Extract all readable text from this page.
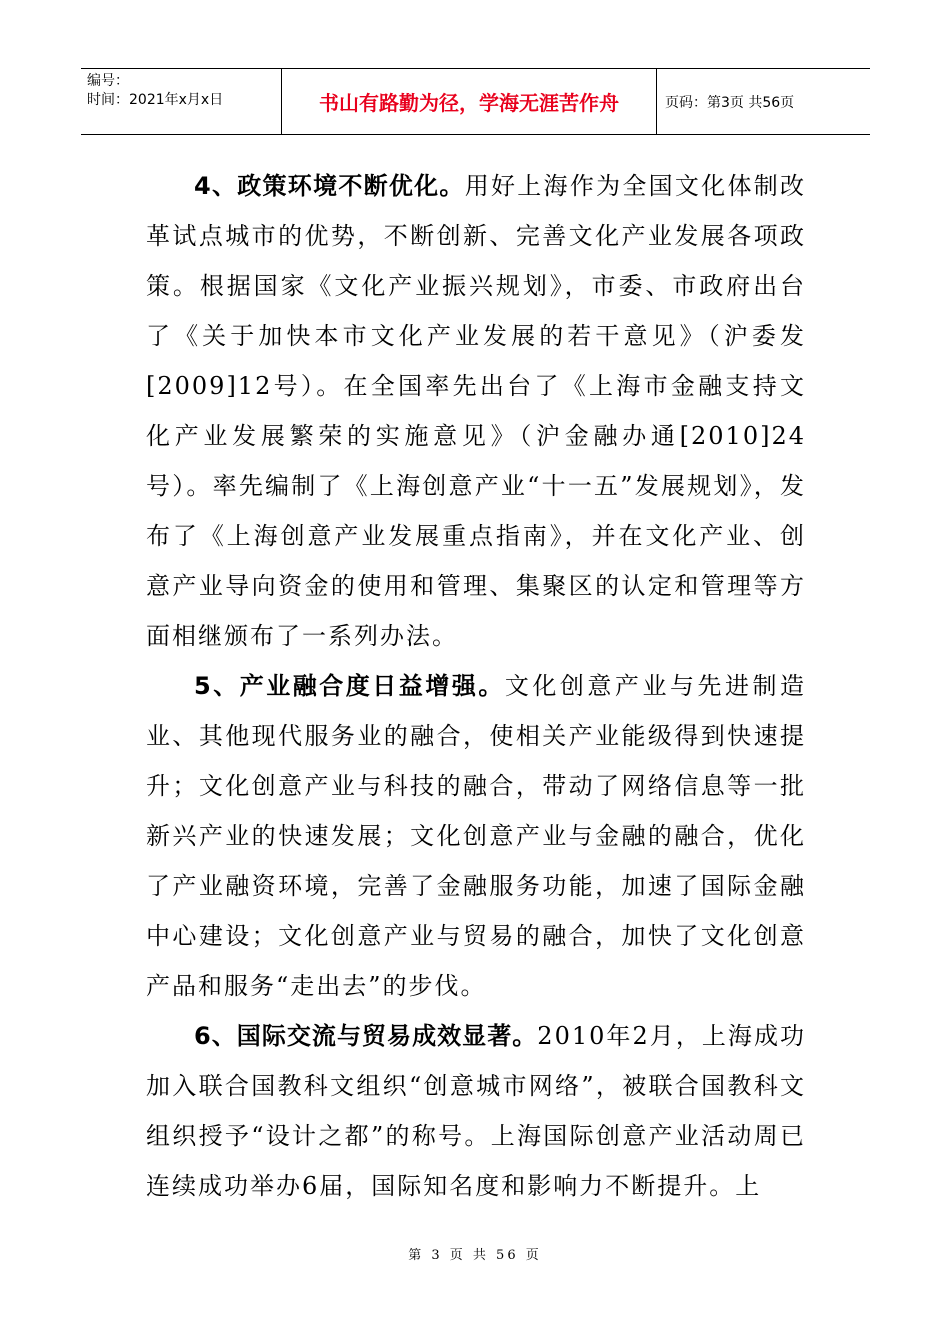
编号：
时间：2021年x月x日	书山有路勤为径，学海无涯苦作舟	页码：第3页 共56页

4、政策环境不断优化。用好上海作为全国文化体制改革试点城市的优势，不断创新、完善文化产业发展各项政策。根据国家《文化产业振兴规划》，市委、市政府出台了《关于加快本市文化产业发展的若干意见》（沪委发[2009]12号）。在全国率先出台了《上海市金融支持文化产业发展繁荣的实施意见》（沪金融办通[2010]24号）。率先编制了《上海创意产业“十一五”发展规划》，发布了《上海创意产业发展重点指南》，并在文化产业、创意产业导向资金的使用和管理、集聚区的认定和管理等方面相继颁布了一系列办法。

5、产业融合度日益增强。文化创意产业与先进制造业、其他现代服务业的融合，使相关产业能级得到快速提升；文化创意产业与科技的融合，带动了网络信息等一批新兴产业的快速发展；文化创意产业与金融的融合，优化了产业融资环境，完善了金融服务功能，加速了国际金融中心建设；文化创意产业与贸易的融合，加快了文化创意产品和服务“走出去”的步伐。

6、国际交流与贸易成效显著。2010年2月，上海成功加入联合国教科文组织“创意城市网络”，被联合国教科文组织授予“设计之都”的称号。上海国际创意产业活动周已连续成功举办6届，国际知名度和影响力不断提升。上

第 3 页 共 56 页
